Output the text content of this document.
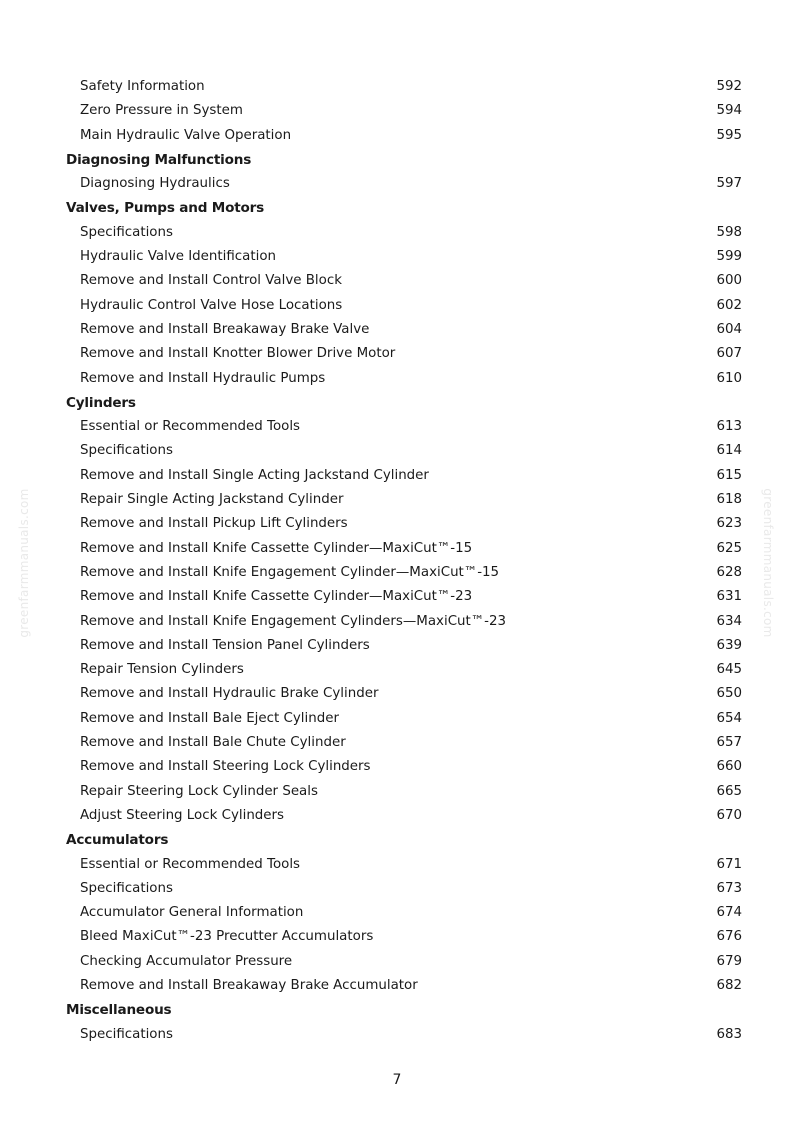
greenfarmmanuals.com	greenfarmmanuals.com
Safety Information	592
Zero Pressure in System	594
Main Hydraulic Valve Operation	595
Diagnosing Malfunctions
Diagnosing Hydraulics	597
Valves, Pumps and Motors
Specifications	598
Hydraulic Valve Identification	599
Remove and Install Control Valve Block	600
Hydraulic Control Valve Hose Locations	602
Remove and Install Breakaway Brake Valve	604
Remove and Install Knotter Blower Drive Motor	607
Remove and Install Hydraulic Pumps	610
Cylinders
Essential or Recommended Tools	613
Specifications	614
Remove and Install Single Acting Jackstand Cylinder	615
Repair Single Acting Jackstand Cylinder	618
Remove and Install Pickup Lift Cylinders	623
Remove and Install Knife Cassette Cylinder—MaxiCut™-15	625
Remove and Install Knife Engagement Cylinder—MaxiCut™-15	628
Remove and Install Knife Cassette Cylinder—MaxiCut™-23	631
Remove and Install Knife Engagement Cylinders—MaxiCut™-23	634
Remove and Install Tension Panel Cylinders	639
Repair Tension Cylinders	645
Remove and Install Hydraulic Brake Cylinder	650
Remove and Install Bale Eject Cylinder	654
Remove and Install Bale Chute Cylinder	657
Remove and Install Steering Lock Cylinders	660
Repair Steering Lock Cylinder Seals	665
Adjust Steering Lock Cylinders	670
Accumulators
Essential or Recommended Tools	671
Specifications	673
Accumulator General Information	674
Bleed MaxiCut™-23 Precutter Accumulators	676
Checking Accumulator Pressure	679
Remove and Install Breakaway Brake Accumulator	682
Miscellaneous
Specifications	683
7
